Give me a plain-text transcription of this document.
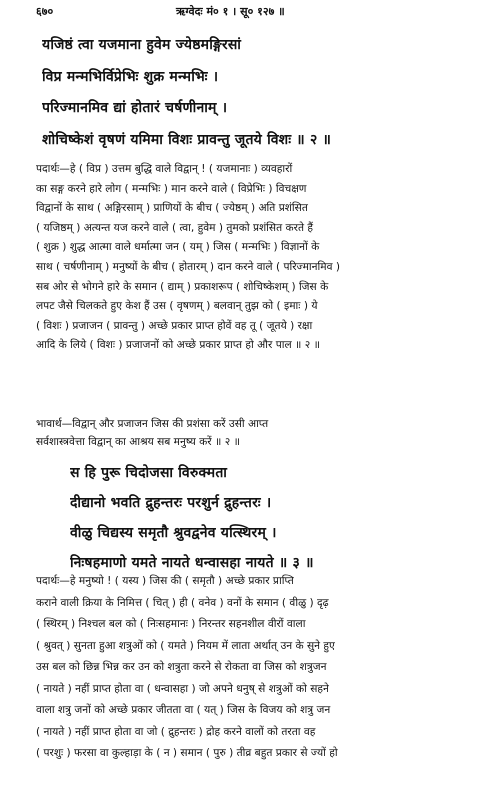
६७०	ऋग्वेदः मं० १ । सू० १२७ ॥
यजिष्ठं त्वा यजमाना हुवेम ज्येष्ठमङ्गिरसां
विप्र मन्मभिर्विप्रेभिः शुक्र मन्मभिः ।
परिज्मानमिव द्यां होतारं चर्षणीनाम् ।
शोचिष्केशं वृषणं यमिमा विशः प्रावन्तु जूतये विशः ॥ २ ॥
पदार्थः—हे ( विप्र ) उत्तम बुद्धि वाले विद्वान् ! ( यजमानाः ) व्यवहारों
का सङ्ग करने हारे लोग ( मन्मभिः ) मान करने वाले ( विप्रेभिः ) विचक्षण
विद्वानों के साथ ( अङ्गिरसाम् ) प्राणियों के बीच ( ज्येष्ठम् ) अति प्रशंसित
( यजिष्ठम् ) अत्यन्त यज करने वाले ( त्वा, हुवेम ) तुमको प्रशंसित करते हैं
( शुक्र ) शुद्ध आत्मा वाले धर्मात्मा जन ( यम् ) जिस ( मन्मभिः ) विज्ञानों के
साथ ( चर्षणीनाम् ) मनुष्यों के बीच ( होतारम् ) दान करने वाले ( परिज्मानमिव )
सब ओर से भोगने हारे के समान ( द्याम् ) प्रकाशरूप ( शोचिष्केशम् ) जिस के
लपट जैसे चिलकते हुए केश हैं उस ( वृषणम् ) बलवान् तुझ को ( इमाः ) ये
( विशः ) प्रजाजन ( प्रावन्तु ) अच्छे प्रकार प्राप्त होवें वह तू ( जूतये ) रक्षा
आदि के लिये ( विशः ) प्रजाजनों को अच्छे प्रकार प्राप्त हो और पाल ॥ २ ॥
भावार्थ—विद्वान् और प्रजाजन जिस की प्रशंसा करें उसी आप्त
सर्वशास्त्रवेत्ता विद्वान् का आश्रय सब मनुष्य करें ॥ २ ॥
स हि पुरू चिदोजसा विरुक्मता
दीद्यानो भवति द्रुहन्तरः परशुर्न द्रुहन्तरः ।
वीळु चिद्यस्य समृतौ श्रुवद्वनेव यत्स्थिरम् ।
निःषहमाणो यमते नायते धन्वासहा नायते ॥ ३ ॥
पदार्थः—हे मनुष्यो ! ( यस्य ) जिस की ( समृतौ ) अच्छे प्रकार प्राप्ति
कराने वाली क्रिया के निमित्त ( चित् ) ही ( वनेव ) वनों के समान ( वीळु ) दृढ़
( स्थिरम् ) निश्चल बल को ( निःसहमानः ) निरन्तर सहनशील वीरों वाला
( श्रुवत् ) सुनता हुआ शत्रुओं को ( यमते ) नियम में लाता अर्थात् उन के सुने हुए
उस बल को छिन्न भिन्न कर उन को शत्रुता करने से रोकता वा जिस को शत्रुजन
( नायते ) नहीं प्राप्त होता वा ( धन्वासहा ) जो अपने धनुष् से शत्रुओं को सहने
वाला शत्रु जनों को अच्छे प्रकार जीतता वा ( यत् ) जिस के विजय को शत्रु जन
( नायते ) नहीं प्राप्त होता वा जो ( द्रुहन्तरः ) द्रोह करने वालों को तरता वह
( परशुः ) फरसा वा कुल्हाड़ा के ( न ) समान ( पुरु ) तीव्र बहुत प्रकार से ज्यों हो
